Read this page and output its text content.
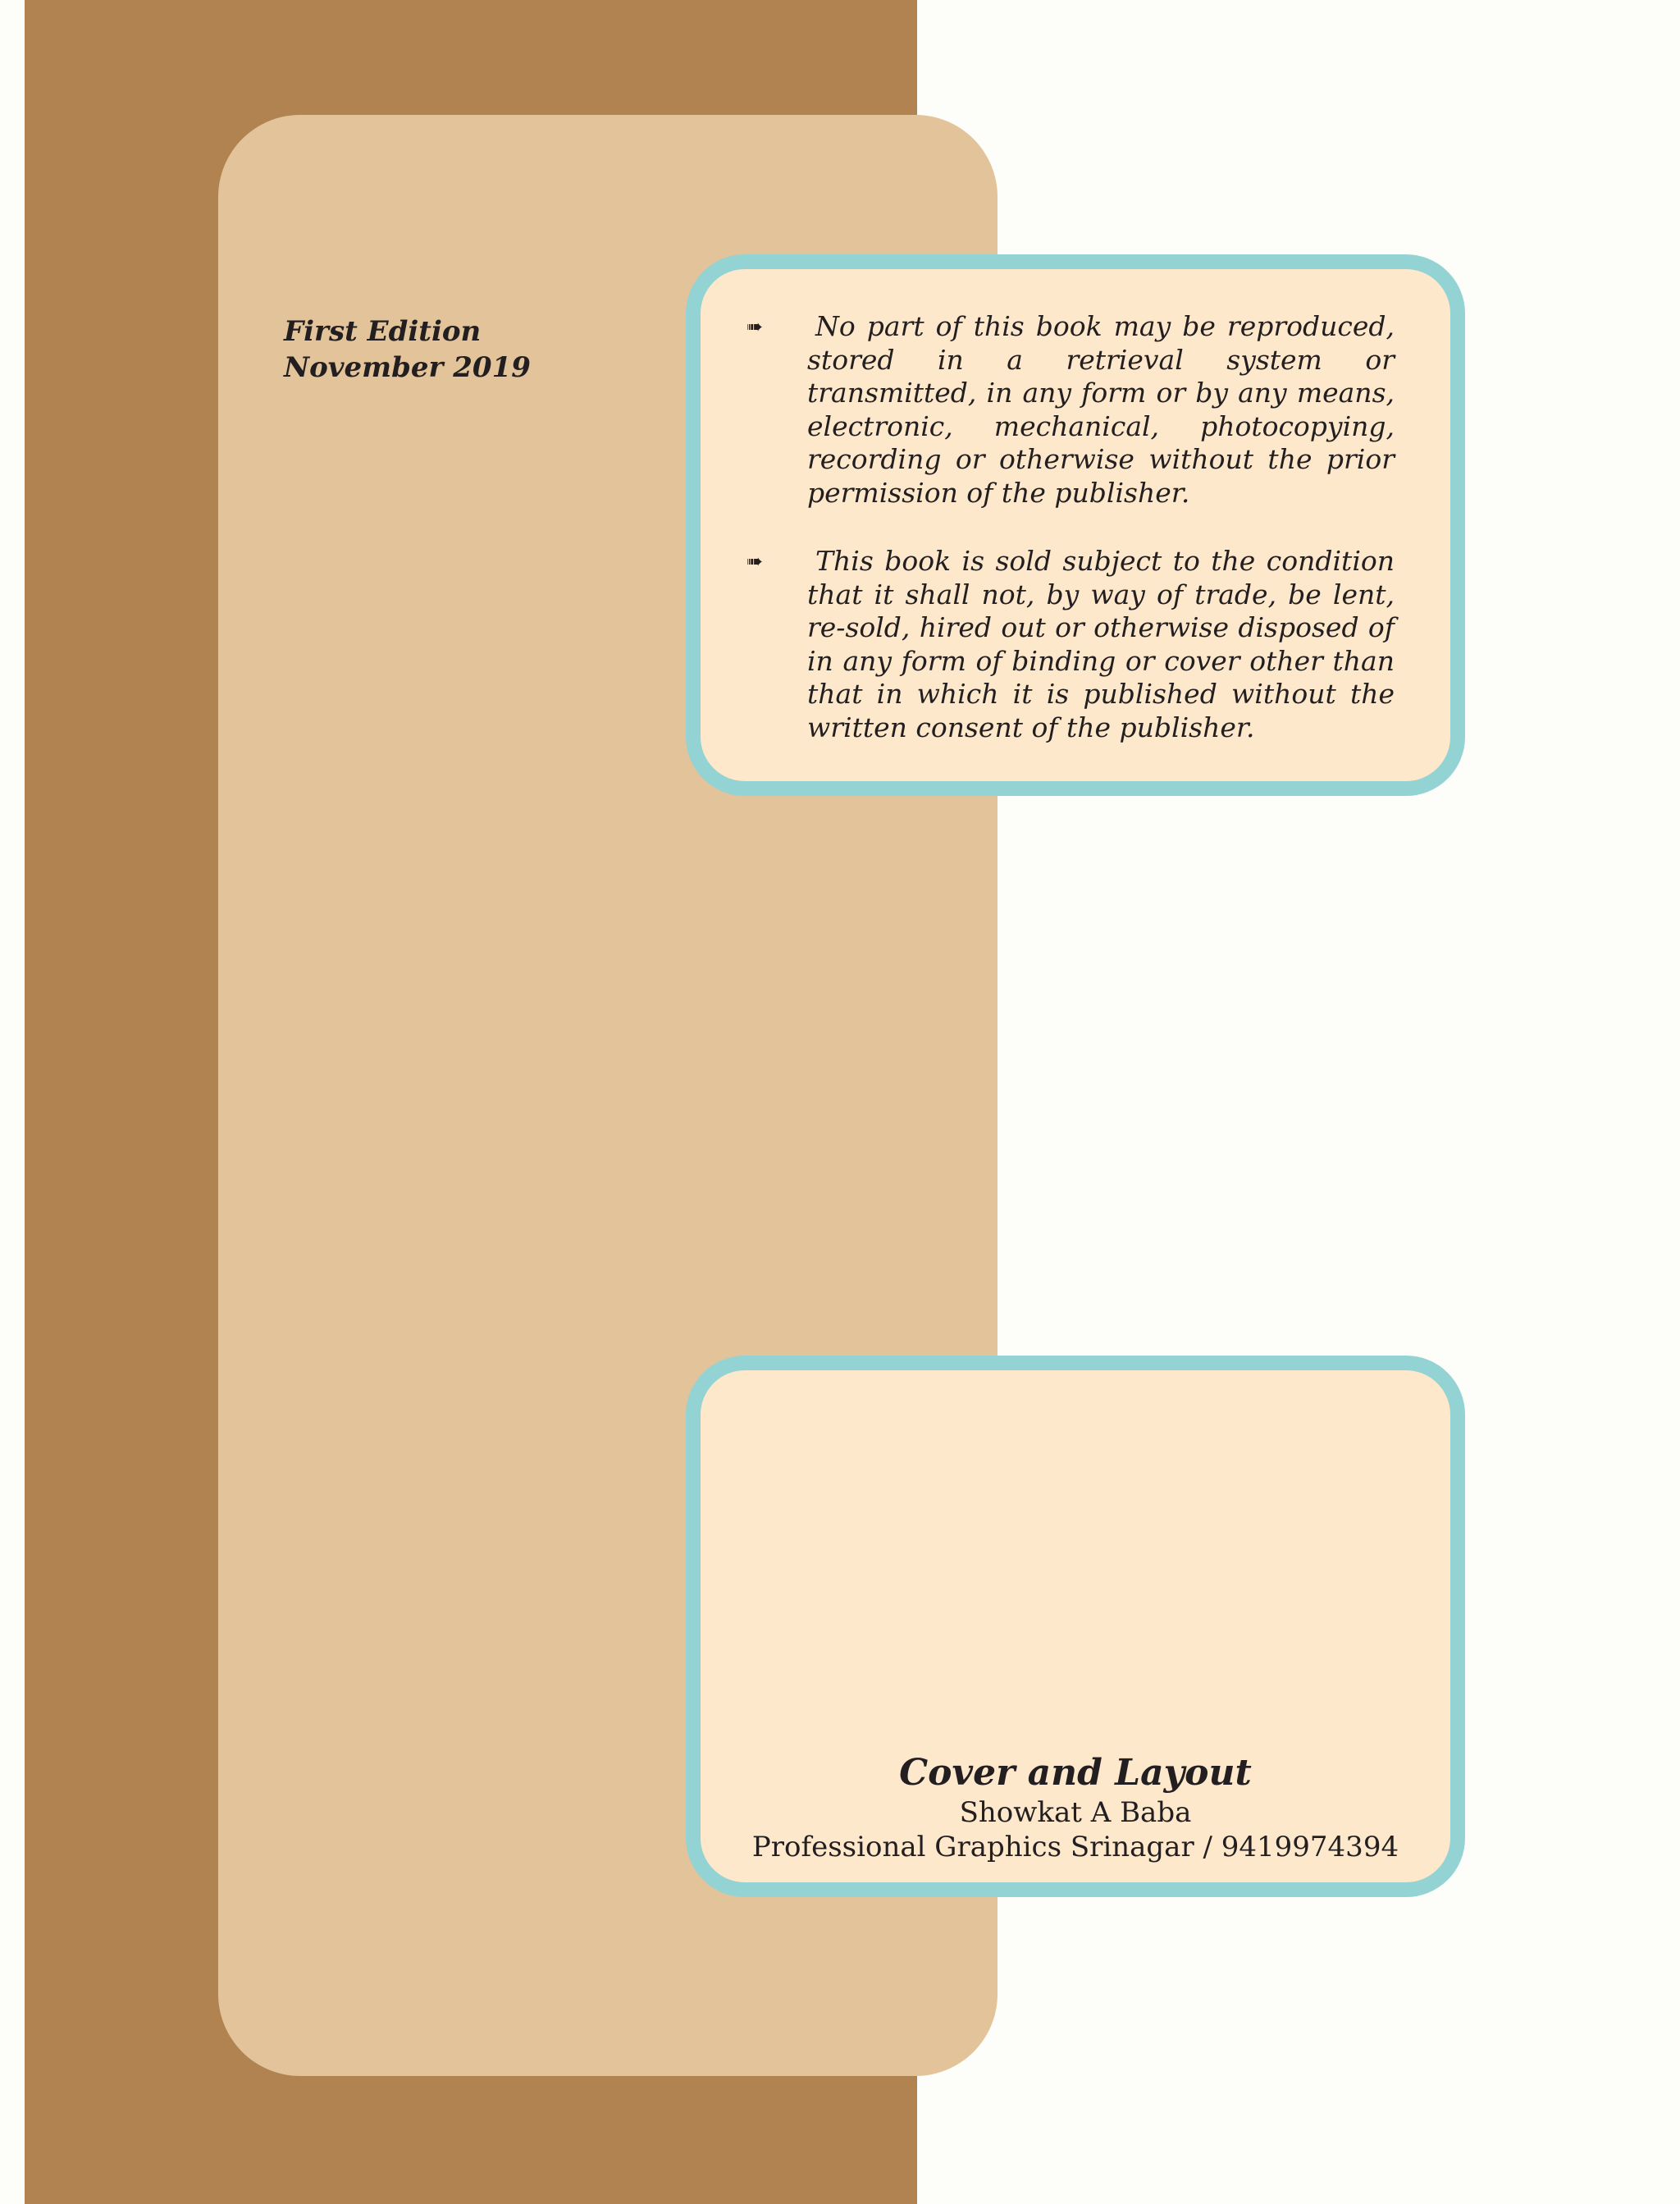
First Edition
November 2019
➠	No part of this book may be reproduced, stored in a retrieval system or transmitted, in any form or by any means, electronic, mechanical, photocopying, recording or otherwise without the prior permission of the publisher.
➠	This book is sold subject to the condition that it shall not, by way of trade, be lent, re-sold, hired out or otherwise disposed of in any form of binding or cover other than that in which it is published without the written consent of the publisher.
Cover and Layout
Showkat A Baba
Professional Graphics Srinagar / 9419974394
